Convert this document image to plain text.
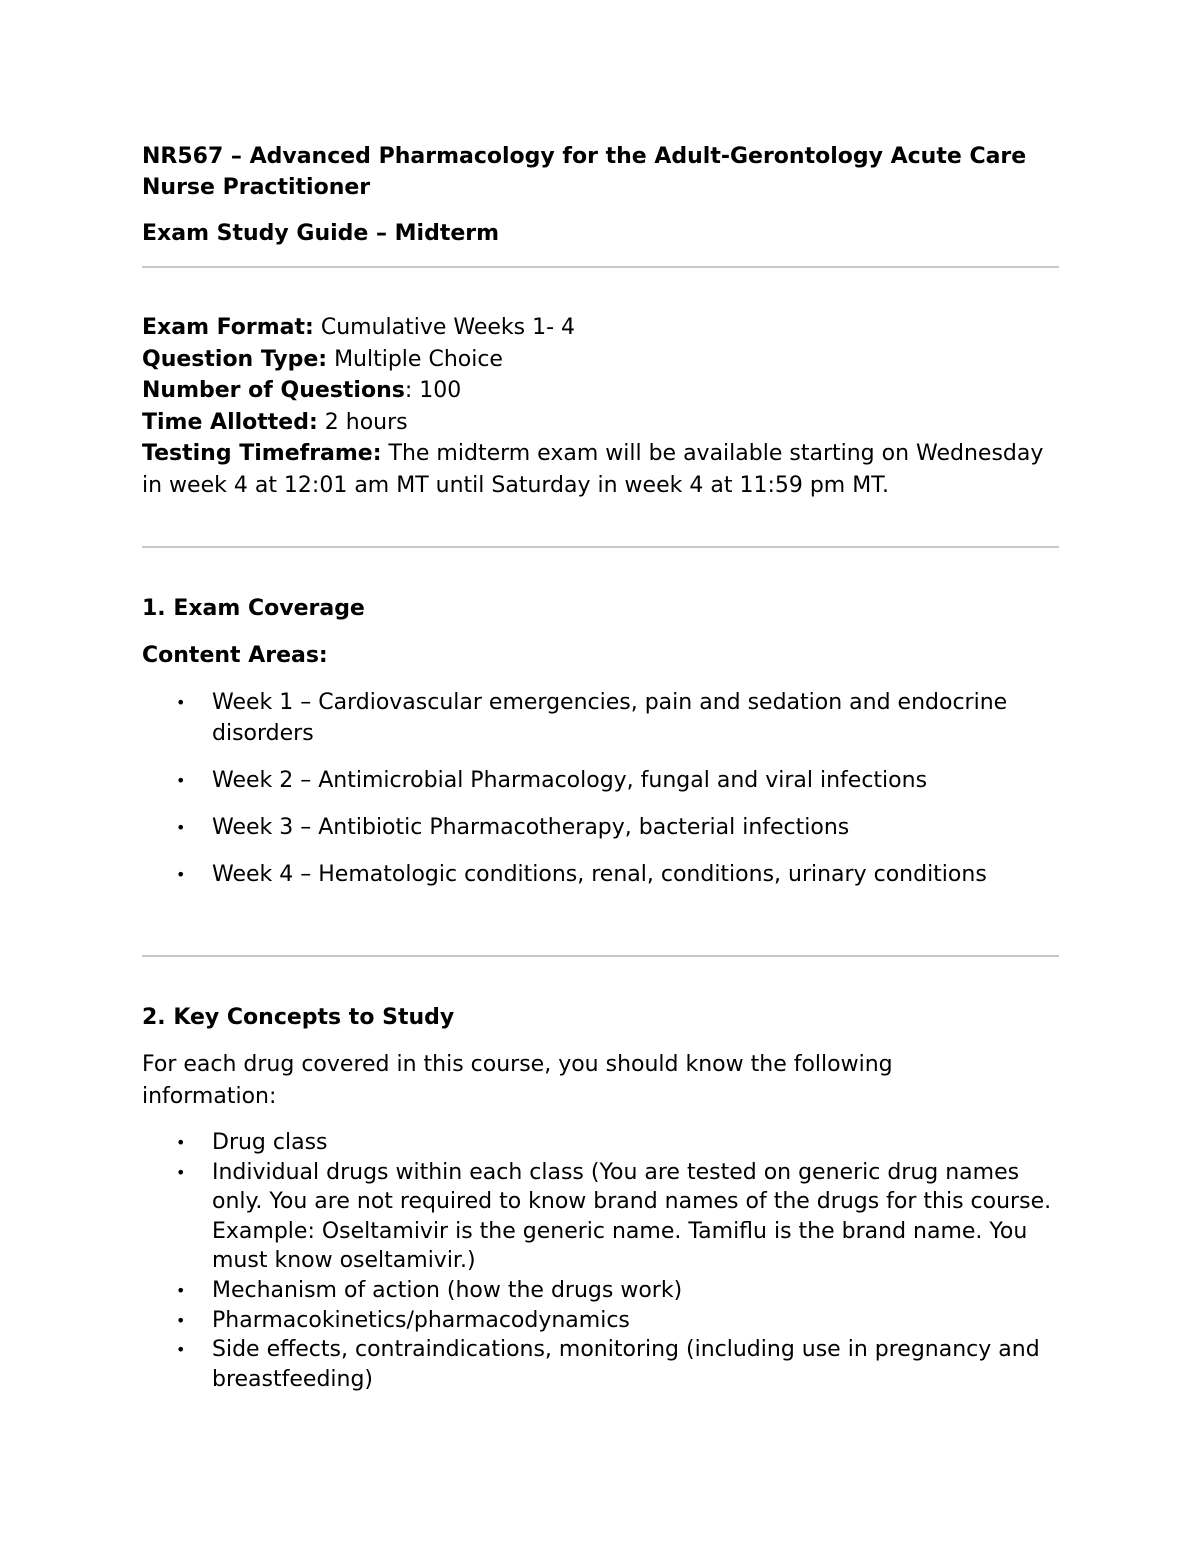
NR567 – Advanced Pharmacology for the Adult-Gerontology Acute Care Nurse Practitioner
Exam Study Guide – Midterm

Exam Format: Cumulative Weeks 1- 4

Question Type: Multiple Choice

Number of Questions: 100

Time Allotted: 2 hours

Testing Timeframe: The midterm exam will be available starting on Wednesday in week 4 at 12:01 am MT until Saturday in week 4 at 11:59 pm MT.

1. Exam Coverage
Content Areas:
• Week 1 – Cardiovascular emergencies, pain and sedation and endocrine disorders
• Week 2 – Antimicrobial Pharmacology, fungal and viral infections
• Week 3 – Antibiotic Pharmacotherapy, bacterial infections
• Week 4 – Hematologic conditions, renal, conditions, urinary conditions
2. Key Concepts to Study
For each drug covered in this course, you should know the following information:
• Drug class
• Individual drugs within each class (You are tested on generic drug names only. You are not required to know brand names of the drugs for this course. Example: Oseltamivir is the generic name. Tamiflu is the brand name. You must know oseltamivir.)
• Mechanism of action (how the drugs work)
• Pharmacokinetics/pharmacodynamics
• Side effects, contraindications, monitoring (including use in pregnancy and breastfeeding)
